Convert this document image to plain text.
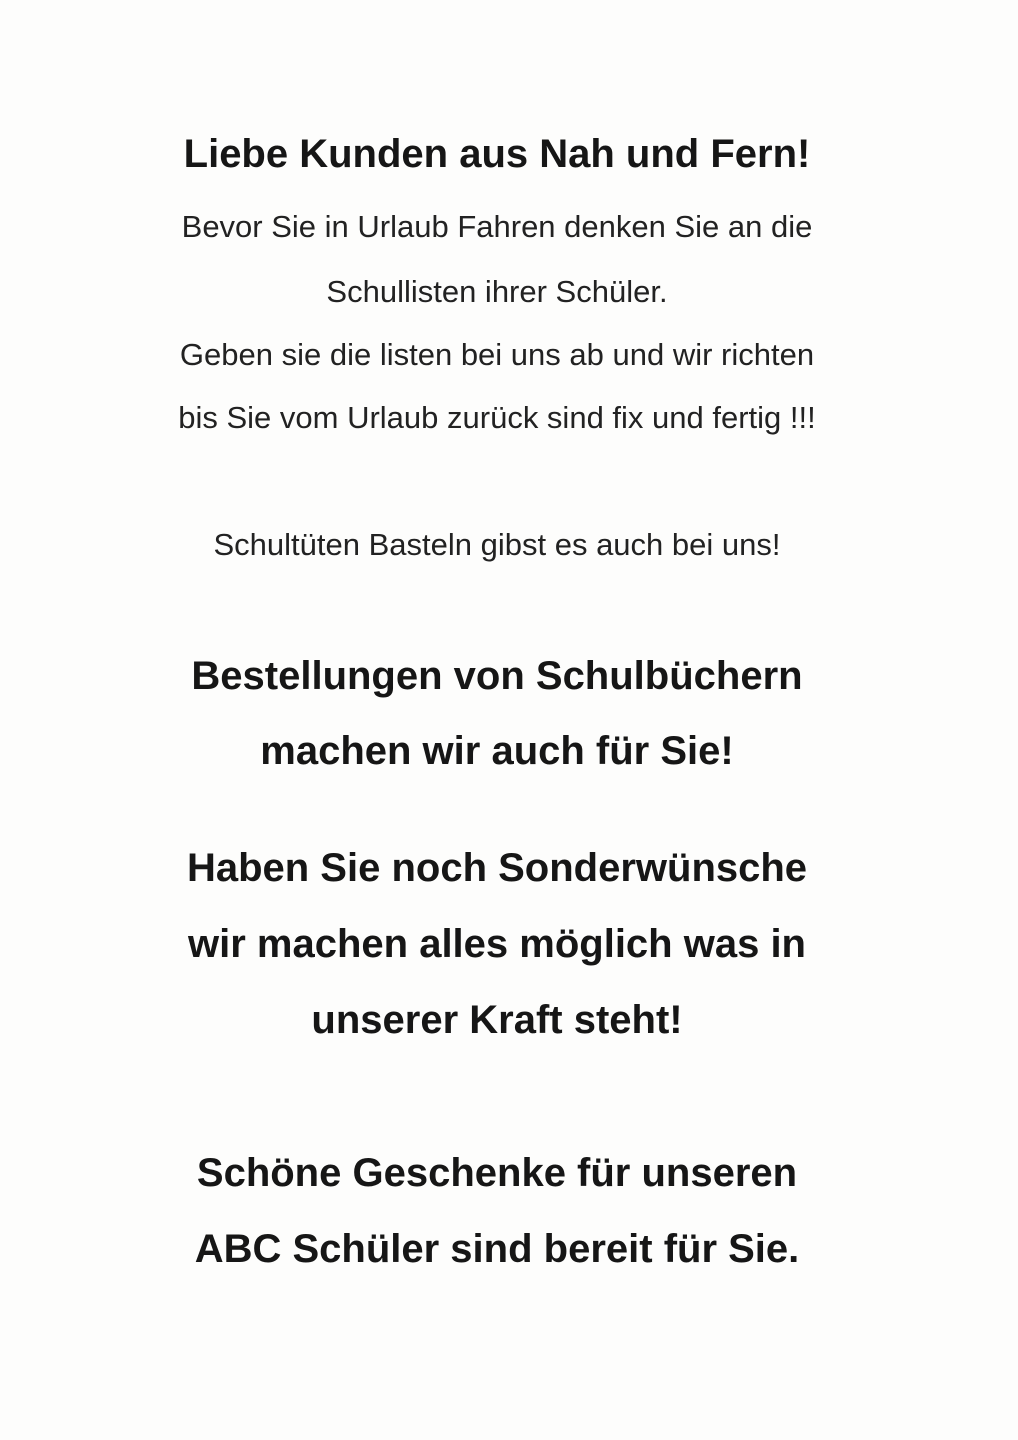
Liebe Kunden aus Nah und Fern!
Bevor Sie in Urlaub Fahren denken Sie an die
Schullisten ihrer Schüler.
Geben sie die listen bei uns ab und wir richten
bis Sie vom Urlaub zurück sind fix und fertig !!!
Schultüten Basteln gibst es auch bei uns!
Bestellungen von Schulbüchern
machen wir auch für Sie!
Haben Sie noch Sonderwünsche
wir machen alles möglich was in
unserer Kraft steht!
Schöne Geschenke für unseren
ABC Schüler sind bereit für Sie.
